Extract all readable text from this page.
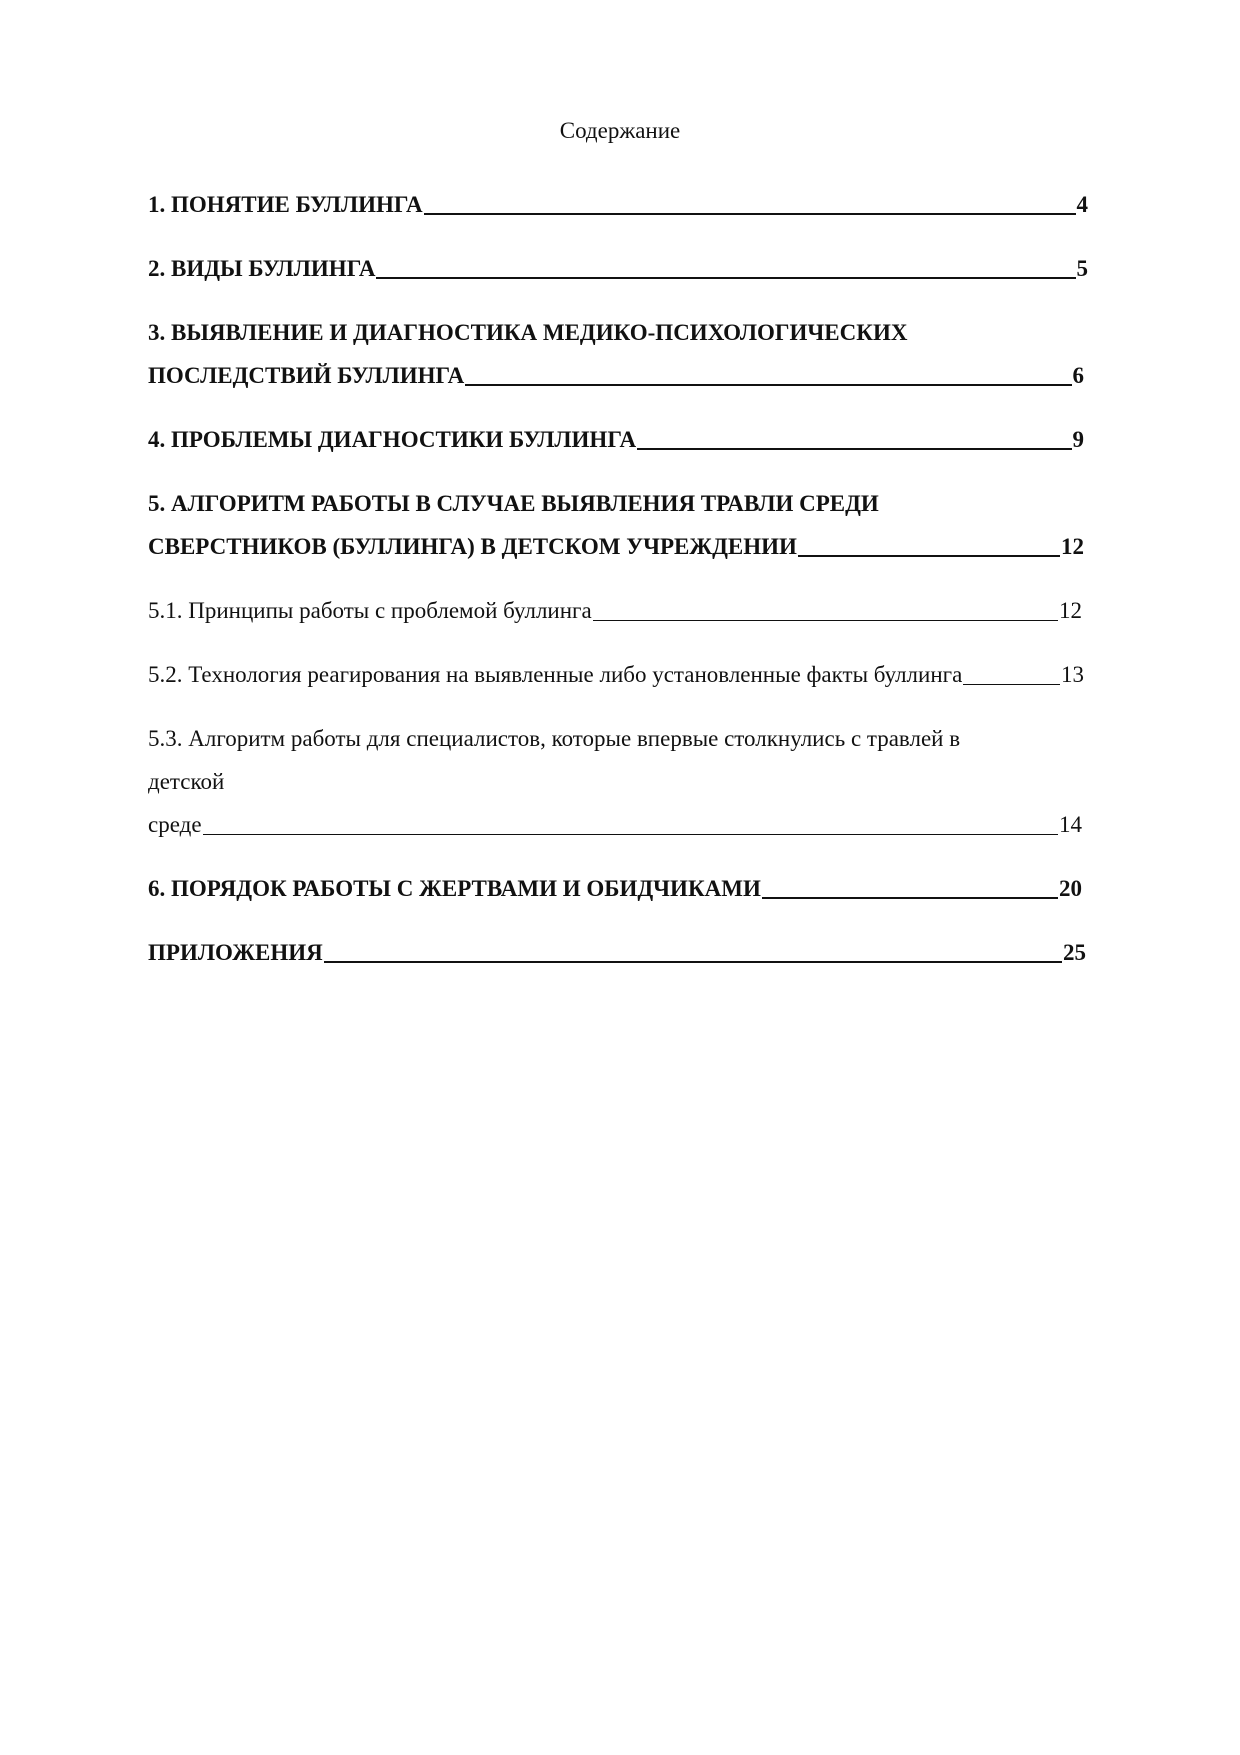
Содержание
1. ПОНЯТИЕ БУЛЛИНГА	4
2. ВИДЫ БУЛЛИНГА	5
3. ВЫЯВЛЕНИЕ И ДИАГНОСТИКА МЕДИКО-ПСИХОЛОГИЧЕСКИХ
ПОСЛЕДСТВИЙ БУЛЛИНГА	6
4. ПРОБЛЕМЫ ДИАГНОСТИКИ БУЛЛИНГА	9
5. АЛГОРИТМ РАБОТЫ В СЛУЧАЕ ВЫЯВЛЕНИЯ ТРАВЛИ СРЕДИ
СВЕРСТНИКОВ (БУЛЛИНГА) В ДЕТСКОМ УЧРЕЖДЕНИИ	12
5.1. Принципы работы с проблемой буллинга	12
5.2. Технология реагирования на выявленные либо установленные факты буллинга	13
5.3. Алгоритм работы для специалистов, которые впервые столкнулись с травлей в
детской
среде	14
6. ПОРЯДОК РАБОТЫ С ЖЕРТВАМИ И ОБИДЧИКАМИ	20
ПРИЛОЖЕНИЯ	25
